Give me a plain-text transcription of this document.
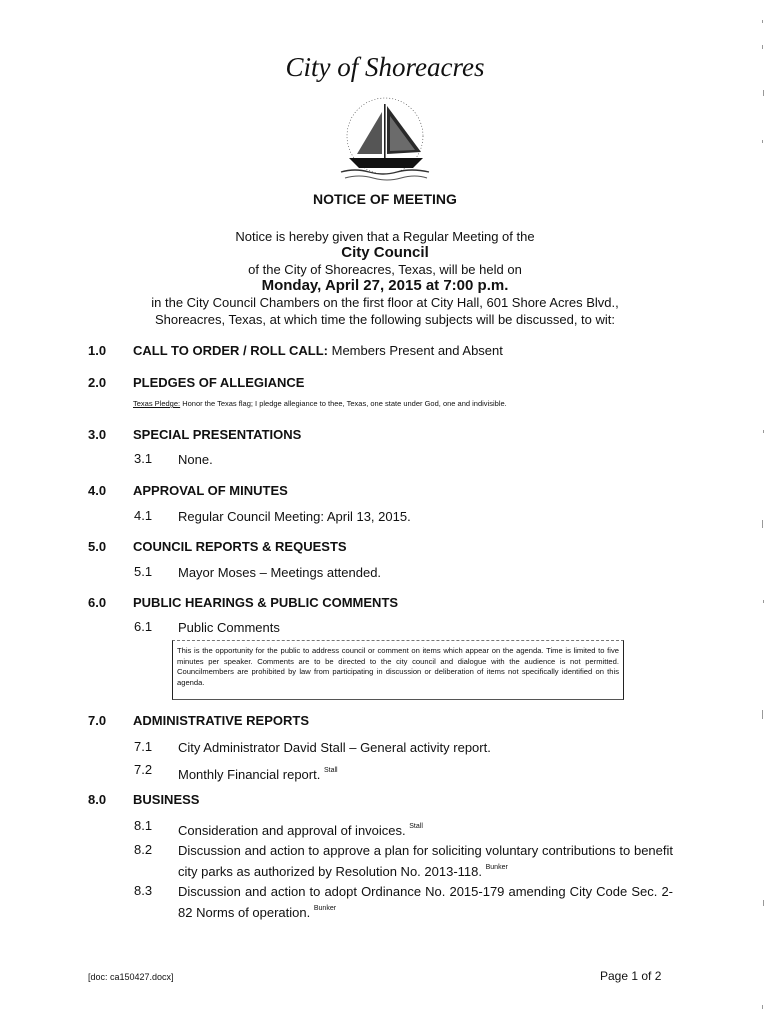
City of Shoreacres
NOTICE OF MEETING
Notice is hereby given that a Regular Meeting of the
City Council
of the City of Shoreacres, Texas, will be held on
Monday, April 27, 2015 at 7:00 p.m.
in the City Council Chambers on the first floor at City Hall, 601 Shore Acres Blvd.,
Shoreacres, Texas, at which time the following subjects will be discussed, to wit:
1.0 CALL TO ORDER / ROLL CALL: Members Present and Absent
2.0 PLEDGES OF ALLEGIANCE
Texas Pledge: Honor the Texas flag; I pledge allegiance to thee, Texas, one state under God, one and indivisible.
3.0 SPECIAL PRESENTATIONS
3.1 None.
4.0 APPROVAL OF MINUTES
4.1 Regular Council Meeting: April 13, 2015.
5.0 COUNCIL REPORTS & REQUESTS
5.1 Mayor Moses – Meetings attended.
6.0 PUBLIC HEARINGS & PUBLIC COMMENTS
6.1 Public Comments
This is the opportunity for the public to address council or comment on items which appear on the agenda. Time is limited to five minutes per speaker. Comments are to be directed to the city council and dialogue with the audience is not permitted. Councilmembers are prohibited by law from participating in discussion or deliberation of items not specifically identified on this agenda.
7.0 ADMINISTRATIVE REPORTS
7.1 City Administrator David Stall – General activity report.
7.2 Monthly Financial report. $^{Stall}$
8.0 BUSINESS
8.1 Consideration and approval of invoices. $^{Stall}$
8.2 Discussion and action to approve a plan for soliciting voluntary contributions to benefit city parks as authorized by Resolution No. 2013-118. $^{Bunker}$
8.3 Discussion and action to adopt Ordinance No. 2015-179 amending City Code Sec. 2-82 Norms of operation. $^{Bunker}$
[doc: ca150427.docx]	Page 1 of 2
